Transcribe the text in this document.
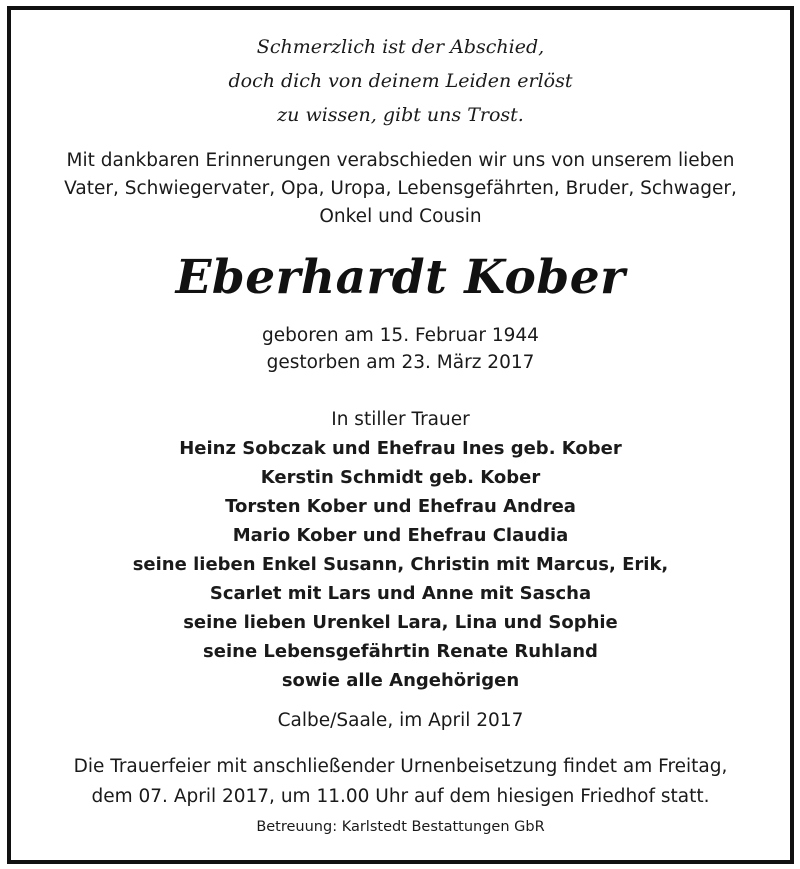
Schmerzlich ist der Abschied,
doch dich von deinem Leiden erlöst
zu wissen, gibt uns Trost.
Mit dankbaren Erinnerungen verabschieden wir uns von unserem lieben
Vater, Schwiegervater, Opa, Uropa, Lebensgefährten, Bruder, Schwager,
Onkel und Cousin
Eberhardt Kober
geboren am 15. Februar 1944
gestorben am 23. März 2017
In stiller Trauer
Heinz Sobczak und Ehefrau Ines geb. Kober
Kerstin Schmidt geb. Kober
Torsten Kober und Ehefrau Andrea
Mario Kober und Ehefrau Claudia
seine lieben Enkel Susann, Christin mit Marcus, Erik,
Scarlet mit Lars und Anne mit Sascha
seine lieben Urenkel Lara, Lina und Sophie
seine Lebensgefährtin Renate Ruhland
sowie alle Angehörigen
Calbe/Saale, im April 2017
Die Trauerfeier mit anschließender Urnenbeisetzung findet am Freitag,
dem 07. April 2017, um 11.00 Uhr auf dem hiesigen Friedhof statt.
Betreuung: Karlstedt Bestattungen GbR
